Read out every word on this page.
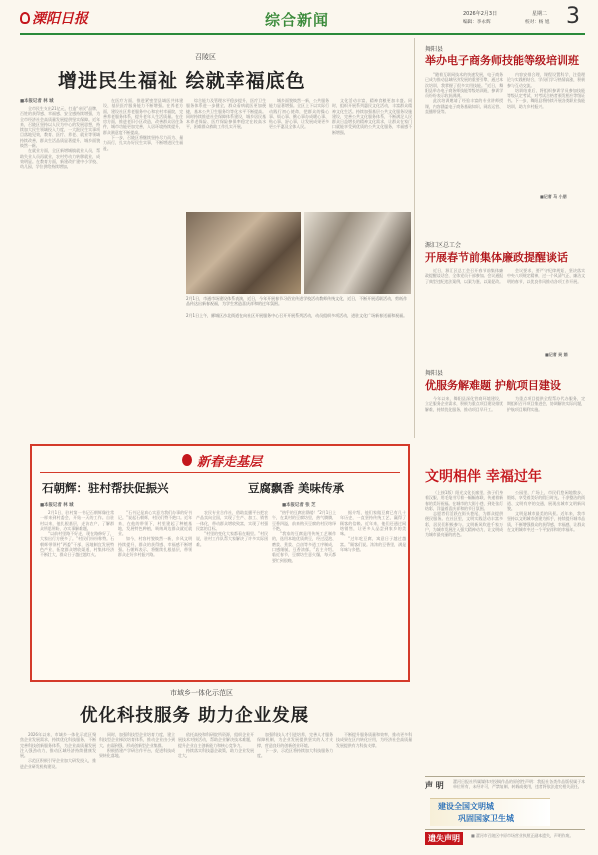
溧阳日报	综合新闻	2026年2月3日	星期二
编辑：李永辉	校对：杨 旭 3
召陵区
增进民生福祉 绘就幸福底色
■本报记者 林 城

全市民生支出21亿元，打造“亲民”品牌，百姓的获得感、幸福感、安全感持续增强，为全市经济社会高质量发展提供坚实保障。近年来，召陵区坚持以人民为中心的发展思想，持续加大民生领域投入力度，一大批民生实事项目落地见效，教育、医疗、养老、就业等领域持续改善，群众生活品质显著提升，城乡面貌焕然一新。

在就业方面，全区新增城镇就业人员，帮助失业人员再就业，农村劳动力转移就业，成效明显。在教育方面，新建改扩建中小学校、幼儿园，学位供给持续增加。

在医疗方面，推进紧密型县域医共体建设，基层医疗服务能力不断增强。在养老方面，建设社区养老服务中心和农村幸福院，完善养老服务体系，提升老年人生活质量。在住房方面，推进老旧小区改造，改善群众居住条件，城市功能更加完善，人居环境持续提升，群众满意度不断提高。

下一步，召陵区将继续坚持尽力而为、量力而行，扎实办好民生实事，不断增进民生福祉。

综合能力及管理水平稳步提升，医疗卫生服务体系进一步健全，群众看病就医更加便捷，基本公共卫生服务均等化水平不断提高。同时持续推进社会保障体系建设，城乡居民基本养老保险、医疗保险参保率稳定在较高水平，困难群众救助工作扎实开展。

城乡面貌焕然一新，公共服务能力显著增强。全区上下以实际行动践行初心使命，把群众的操心事、烦心事、揪心事办成暖心事、贴心事、舒心事，让发展成果更多更公平惠及全体人民。

文化活动丰富，精神食粮更加丰盛。同时，组织开展系列惠民文化活动，丰富群众精神文化生活。持续加强基层公共文化服务设施建设，完善公共文化服务体系，不断满足人民群众日益增长的精神文化需求，让群众在家门口就能享受到优质的公共文化服务，幸福感不断增强。

2月1日，市通市场建设体系表演，近日，今年开展春节习俗宣传进学校活动教师传统文化，近日，不断开展适联活动，剪纸作品传达出新春祝福，为学生营造喜庆祥和的过年氛围。
2月1日上午，郾城区沙北街道在向社区开展服务中心召开开展系列活动，动员组织多项活动，进驻文化广场新春送福和祝福。

舞阳县
举办电子商务师技能等级培训班

“随着互联网技术的快速发展，电子商务已成为推动县域经济发展的重要引擎，通过本次培训，我掌握了很多实用技能。”近日，舞阳县举办电子商务师技能等级培训班，参训学员纷纷表示收获满满。

此次培训邀请了经验丰富的专业讲师授课，内容涵盖电子商务基础知识、网店运营、直播带货等。

内容安排合理，课程设置科学，注重理论与实践相结合，学员们学习热情高涨，积极参与互动交流。

培训结束后，将组织参训学员参加技能等级认定考试，对考试合格者颁发相应等级证书。下一步，舞阳县将持续开展各类职业技能培训，助力乡村振兴。

■记者 马 小朋
源汇区总工会
开展春节前集体廉政提醒谈话

近日，源汇区总工会召开春节前集体廉政提醒谈话会，全体党员干部参加。会议通报了典型违纪违法案例，以案为鉴、以案促改。

会议要求，要严守纪律规矩，坚决落实中央八项规定精神，过一个风清气正、廉洁文明的春节，以优良作风推动各项工作开展。

■记者 吴 娟
舞阳县
优服务解难题 护航项目建设

今年以来，舞阳县深化营商环境建设，立足服务企业需求，积极为重点项目建设排忧解难，持续优化服务，推动项目早开工。

为重点项目提供全程帮办代办服务，定期组织召开项目推进会，协调解决实际问题，护航项目顺利实施。

新春走基层
石朝辉：驻村帮扶促振兴	豆腐飘香 美味传承
■本报记者 林 城	■本报记者 张 芝

2月1日，驻村第一书记石朝辉像往常一样来到村委会，开始一天的工作。自驻村以来，他扎根基层，走访农户，了解群众所思所盼，办实事解难题。

“以前村里路不好走，现在路修好了，大家出行方便多了。”村民们纷纷称赞。石朝辉带领村“两委”干部，因地制宜发展特色产业，拓宽群众增收渠道，村集体经济不断壮大，群众日子越过越红火。

“石书记是真心实意为我们办事的好书记。”说起石朝辉，村民们赞不绝口。近年来，在他的带领下，村里建起了种植基地，发展特色种植，吸纳周边群众就近就业。

如今，村容村貌焕然一新，乡风文明持续提升，群众的获得感、幸福感不断增强。石朝辉表示，将继续扎根基层，带领群众走好乡村振兴路。

农民专业合作社，借助直播平台把农产品卖向全国，实现了生产、加工、销售一体化，带动群众增收致富，实现了村强民富的目标。

“村里的变化大家都看在眼里。”村民说，驻村工作队帮大家解决了许多实际困难。

“热乎的豆腐出锅喽！”2月1日上午，在某村的豆腐坊里，热气腾腾，豆香四溢，前来购买豆腐的村民络绎不绝。

“我家的豆腐是用传统工艺制作的，选用本地优质黄豆，经过浸泡、磨浆、煮浆、点卤等多道工序制成，口感细腻，豆香浓郁。”店主介绍。临近春节，豆腐坊生意火爆，每天都要忙到很晚。

据介绍，他们家做豆腐已有几十年历史，一直坚持传统工艺，赢得了顾客的信赖。近年来，他们还通过网络销售，让更多人品尝到家乡的美味。

“过年吃豆腐，寓意日子越过越富。”顾客们说。浓浓的豆香里，满是年味与乡愁。

文明相伴 幸福过年

（上接1版）阳光文化长廊里，孩子们身着汉服，用毛笔书写着一幅幅春联，传递着新春的美好祝福。在城市的大街小巷，到处张灯结彩，洋溢着喜庆祥和的节日氛围。

志愿者们活跃在街头巷尾，为群众提供便民服务。在社区里，文明实践活动丰富多彩，居民们积极参与。文明新风吹进千家万户，为城市发展注入强大精神动力，让文明成为城市最亮丽的底色。

公园里，广场上，市民们悠闲地散步、锻炼，享受着美好的假日时光。干净整洁的街道、文明有序的交通，展现出城市文明新风貌。

文明是城市最美的风景。近年来，我市坚持以文明城市创建为抓手，持续提升城市品质，不断增强群众的获得感、幸福感，让群众在文明城市中过一个平安祥和的幸福年。

建设全国文明城
巩固国家卫生城
市域乡一体化示范区
优化科技服务 助力企业发展

2026年以来，市域乡一体化示范区聚焦企业发展需求，持续优化科技服务，不断完善科技创新服务体系，为企业高质量发展注入强劲动力，推动区域经济持续健康发展。

示范区积极引导企业加大研发投入，推进企业研发机构建设。

同时，加强科技型企业培育力度，建立科技型企业梯次培育体系，推动企业由小到大、由弱到强，形成创新型企业集群。

积极搭建产学研合作平台，促进科技成果转化落地。

依托高校和科研院所资源，组织企业开展技术对接活动，帮助企业解决技术难题，提升企业自主创新能力和核心竞争力。

持续落实科技惠企政策，助力企业发展壮大。

加强科技人才引进培养，完善人才服务保障机制，为企业发展提供坚实的人才支撑，营造良好的创新创业环境。

下一步，示范区将持续加大科技服务力度。

不断提升服务质量和效率，推动更多科技成果在区内转化应用，为经济社会高质量发展提供有力科技支撑。

声 明 漯河日报社所属媒体对投稿作品的原创性声明：我报社各类作品版权属于本单位所有，未经许可，严禁复制、转载或使用，违者将依法追究相关责任。
遗失声明	■ 漯河市召陵区中原市场营业执照正副本遗失，声明作废。
